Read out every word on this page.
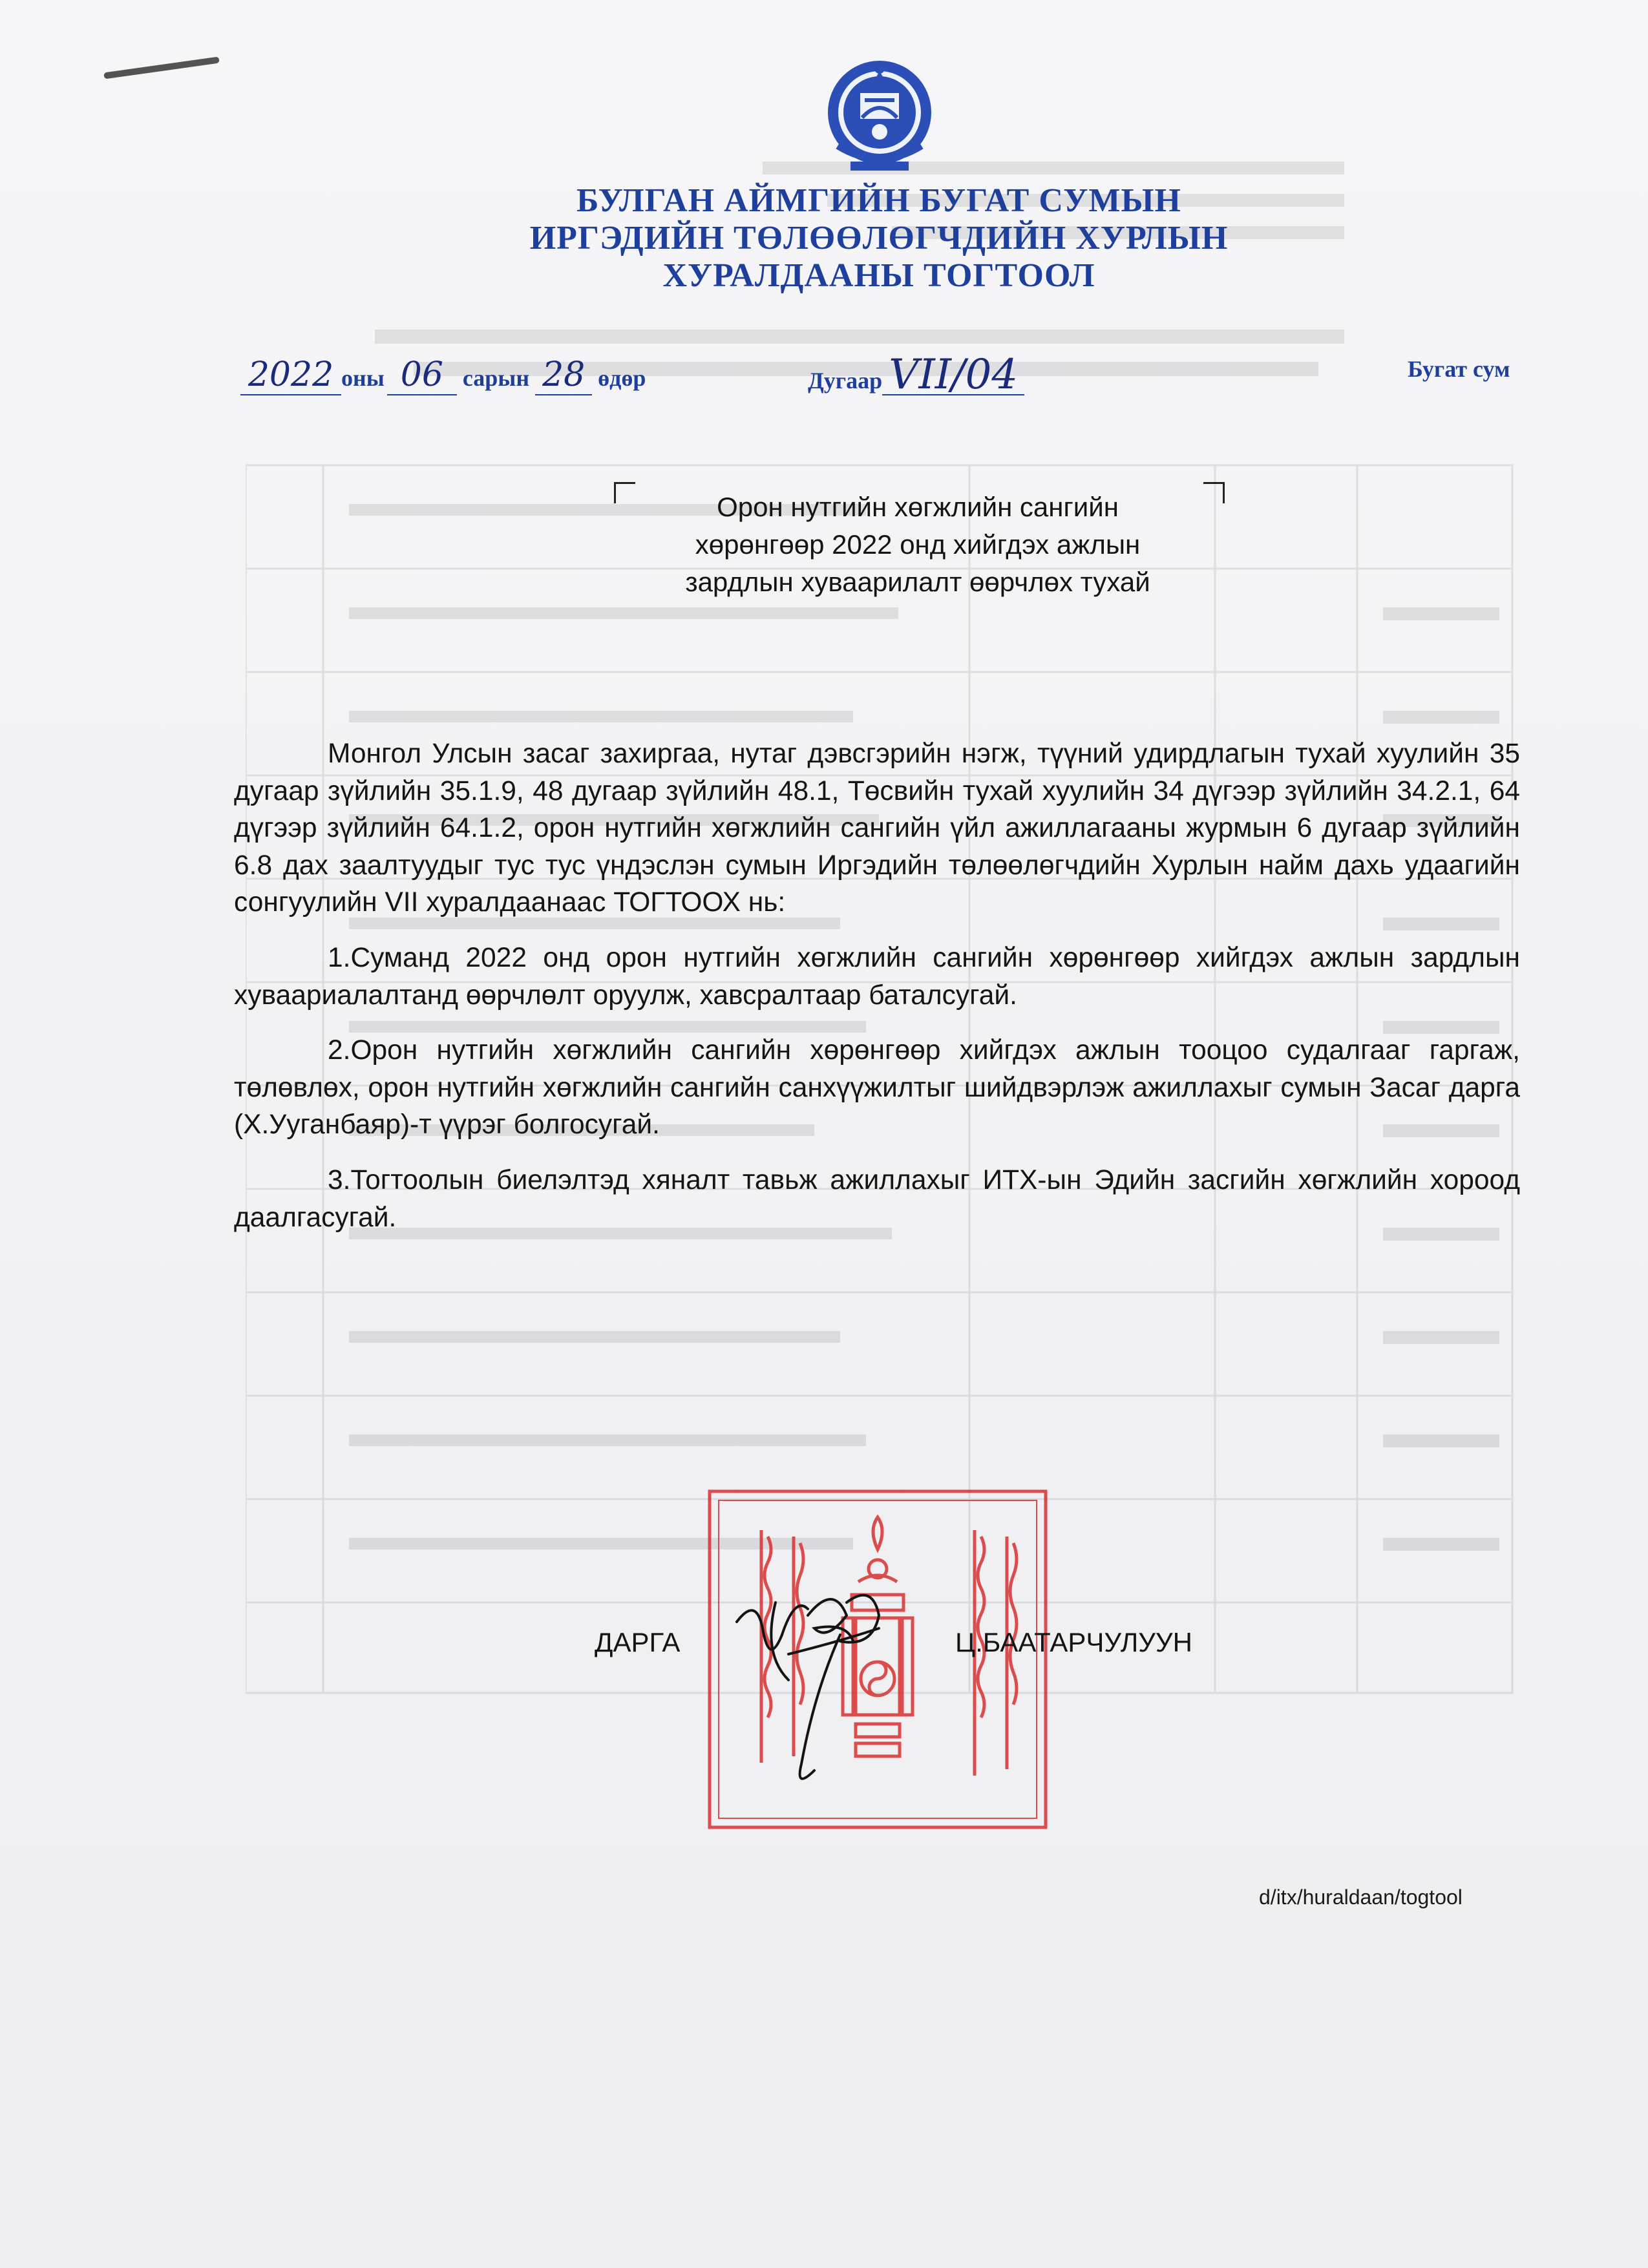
БУЛГАН АЙМГИЙН БУГАТ СУМЫН
ИРГЭДИЙН ТӨЛӨӨЛӨГЧДИЙН ХУРЛЫН
ХУРАЛДААНЫ ТОГТООЛ
2022 оны 06 сарын 28 өдөр	Дугаар VII/04	Бугат сум
Орон нутгийн хөгжлийн сангийн
хөрөнгөөр 2022 онд хийгдэх ажлын
зардлын хуваарилалт өөрчлөх тухай

Монгол Улсын засаг захиргаа, нутаг дэвсгэрийн нэгж, түүний удирдлагын тухай хуулийн 35 дугаар зүйлийн 35.1.9, 48 дугаар зүйлийн 48.1, Төсвийн тухай хуулийн 34 дүгээр зүйлийн 34.2.1, 64 дүгээр зүйлийн 64.1.2, орон нутгийн хөгжлийн сангийн үйл ажиллагааны журмын 6 дугаар зүйлийн 6.8 дах заалтуудыг тус тус үндэслэн сумын Иргэдийн төлөөлөгчдийн Хурлын найм дахь удаагийн сонгуулийн VII хуралдаанаас ТОГТООХ нь:

1.Суманд 2022 онд орон нутгийн хөгжлийн сангийн хөрөнгөөр хийгдэх ажлын зардлын хуваариалалтанд өөрчлөлт оруулж, хавсралтаар баталсугай.

2.Орон нутгийн хөгжлийн сангийн хөрөнгөөр хийгдэх ажлын тооцоо судалгааг гаргаж, төлөвлөх, орон нутгийн хөгжлийн сангийн санхүүжилтыг шийдвэрлэж ажиллахыг сумын Засаг дарга (Х.Ууганбаяр)-т үүрэг болгосугай.

3.Тогтоолын биелэлтэд хяналт тавьж ажиллахыг ИТХ-ын Эдийн засгийн хөгжлийн хороод даалгасугай.

ДАРГА	Ц.БААТАРЧУЛУУН
d/itx/huraldaan/togtool
